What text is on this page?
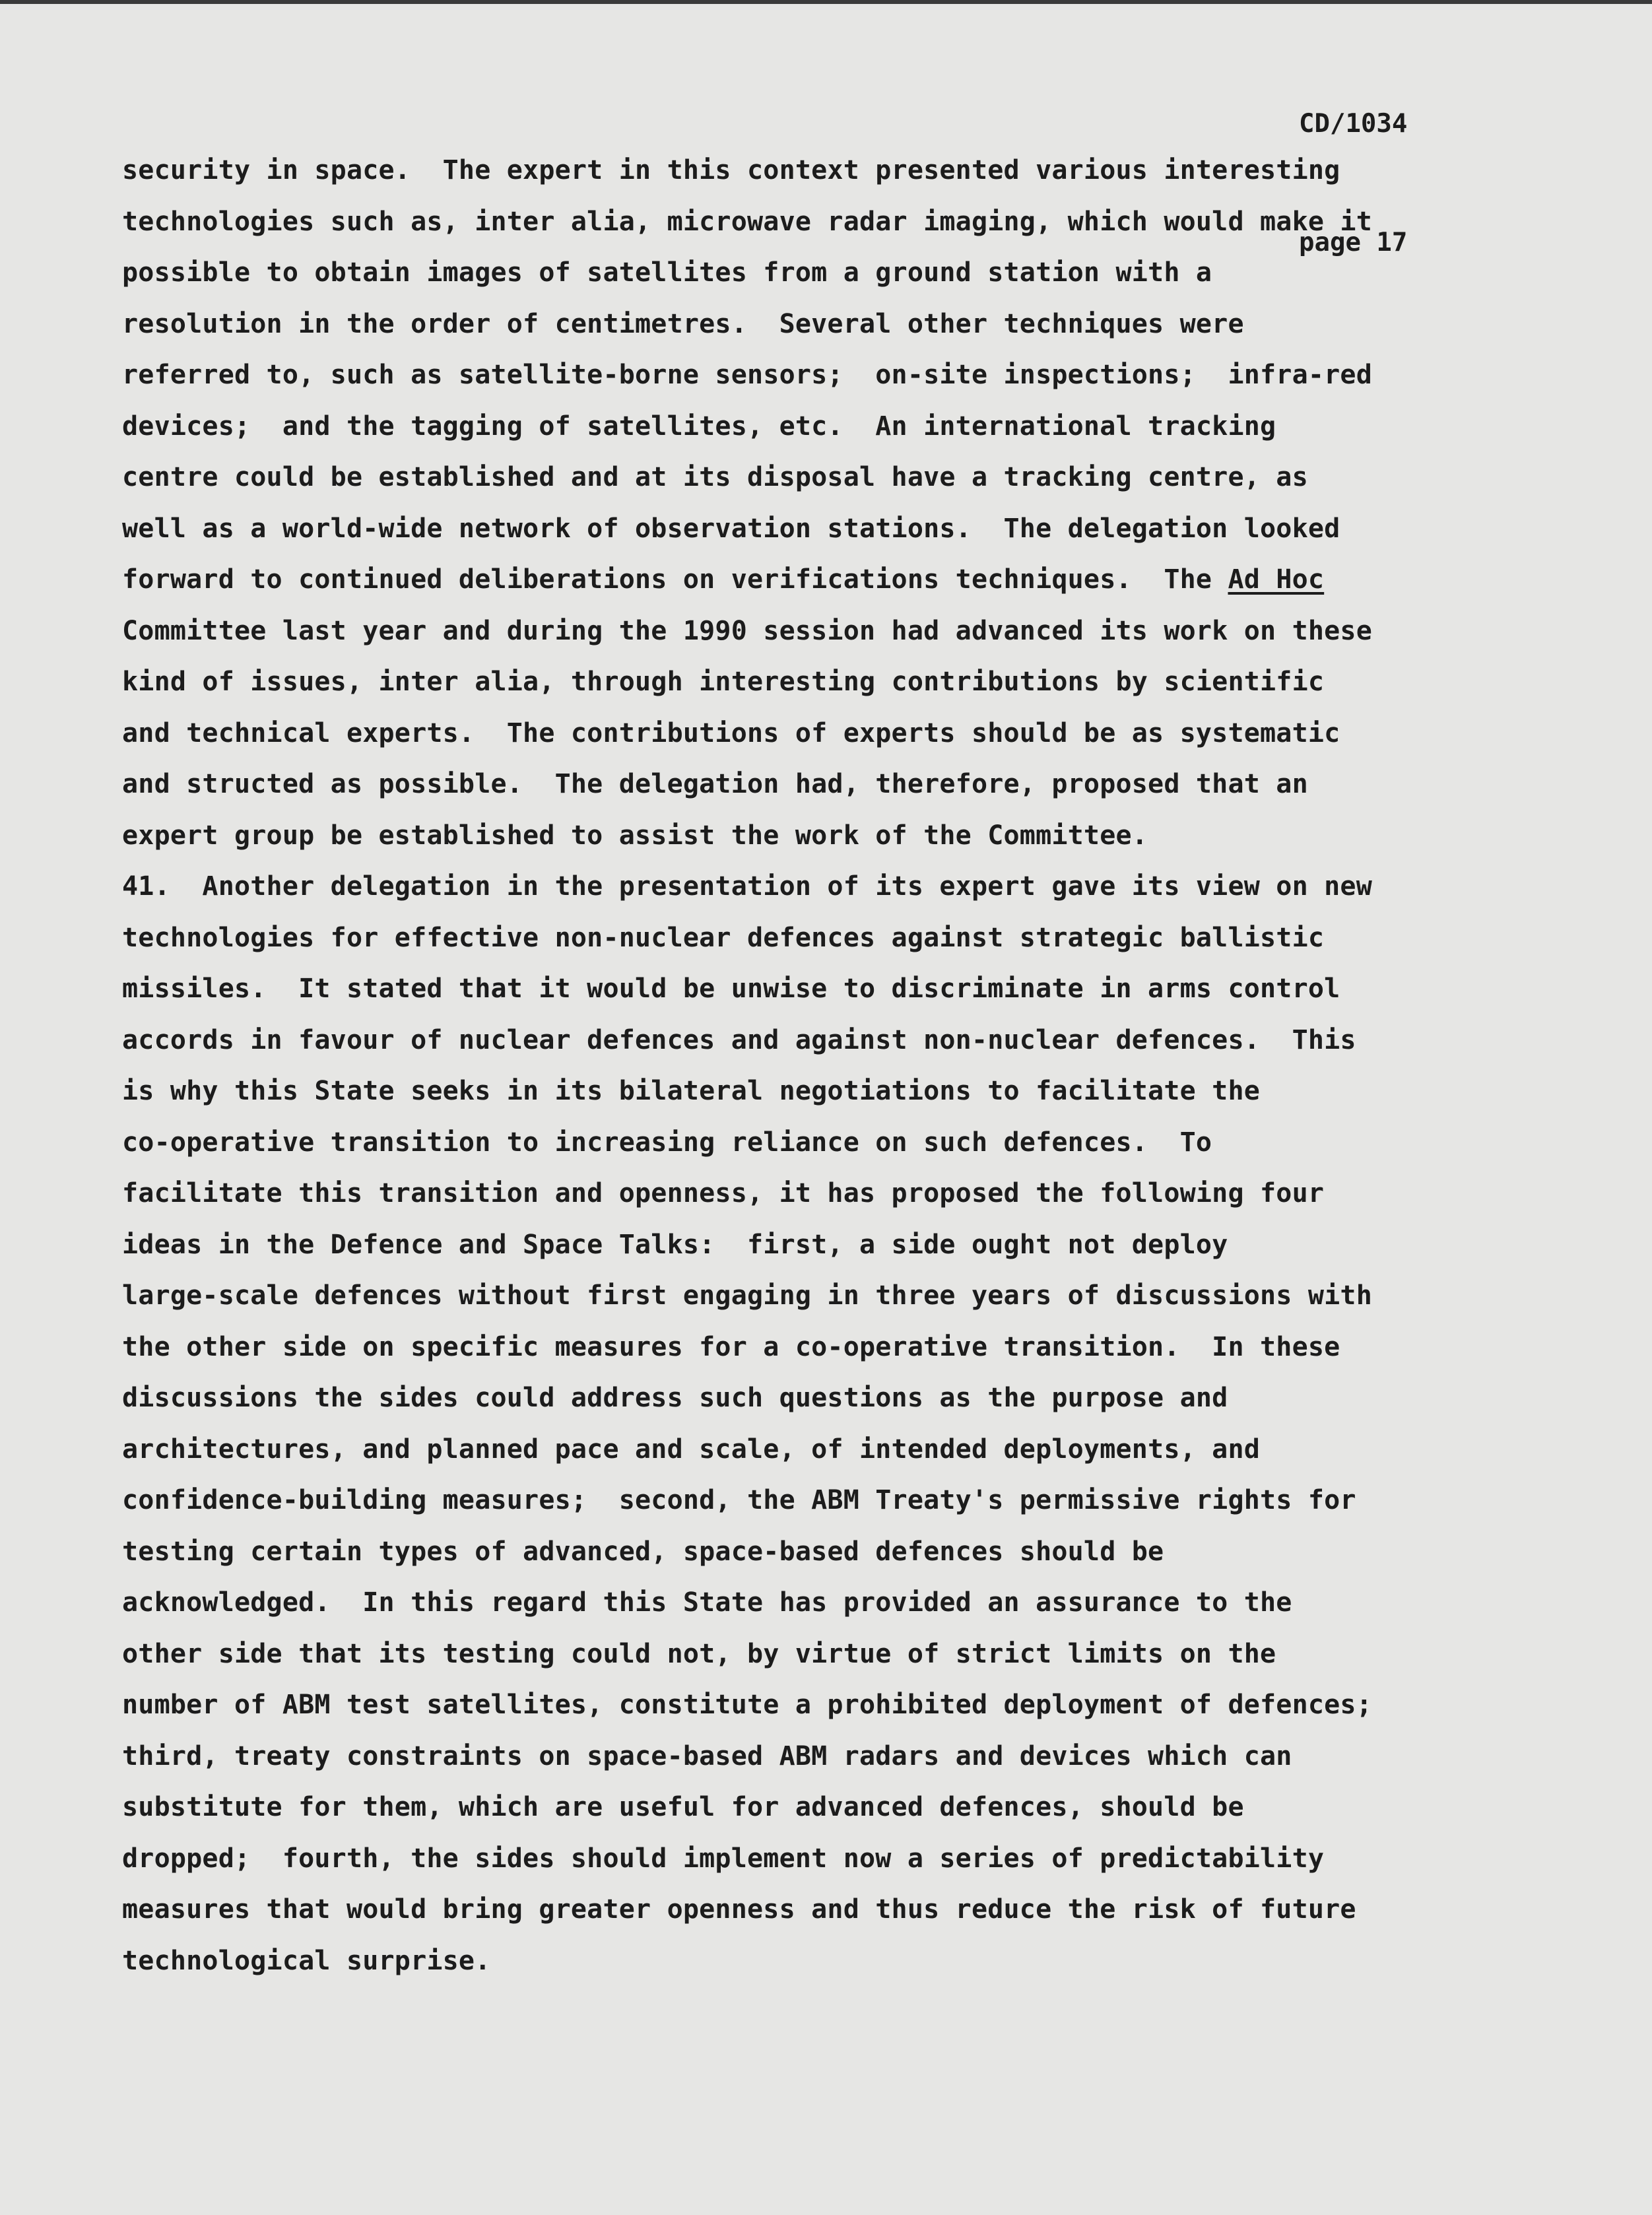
CD/1034

page 17

security in space.  The expert in this context presented various interesting
technologies such as, inter alia, microwave radar imaging, which would make it
possible to obtain images of satellites from a ground station with a
resolution in the order of centimetres.  Several other techniques were
referred to, such as satellite-borne sensors;  on-site inspections;  infra-red
devices;  and the tagging of satellites, etc.  An international tracking
centre could be established and at its disposal have a tracking centre, as
well as a world-wide network of observation stations.  The delegation looked
forward to continued deliberations on verifications techniques.  The Ad Hoc
Committee last year and during the 1990 session had advanced its work on these
kind of issues, inter alia, through interesting contributions by scientific
and technical experts.  The contributions of experts should be as systematic
and structed as possible.  The delegation had, therefore, proposed that an
expert group be established to assist the work of the Committee.
41.  Another delegation in the presentation of its expert gave its view on new
technologies for effective non-nuclear defences against strategic ballistic
missiles.  It stated that it would be unwise to discriminate in arms control
accords in favour of nuclear defences and against non-nuclear defences.  This
is why this State seeks in its bilateral negotiations to facilitate the
co-operative transition to increasing reliance on such defences.  To
facilitate this transition and openness, it has proposed the following four
ideas in the Defence and Space Talks:  first, a side ought not deploy
large-scale defences without first engaging in three years of discussions with
the other side on specific measures for a co-operative transition.  In these
discussions the sides could address such questions as the purpose and
architectures, and planned pace and scale, of intended deployments, and
confidence-building measures;  second, the ABM Treaty's permissive rights for
testing certain types of advanced, space-based defences should be
acknowledged.  In this regard this State has provided an assurance to the
other side that its testing could not, by virtue of strict limits on the
number of ABM test satellites, constitute a prohibited deployment of defences;
third, treaty constraints on space-based ABM radars and devices which can
substitute for them, which are useful for advanced defences, should be
dropped;  fourth, the sides should implement now a series of predictability
measures that would bring greater openness and thus reduce the risk of future
technological surprise.
